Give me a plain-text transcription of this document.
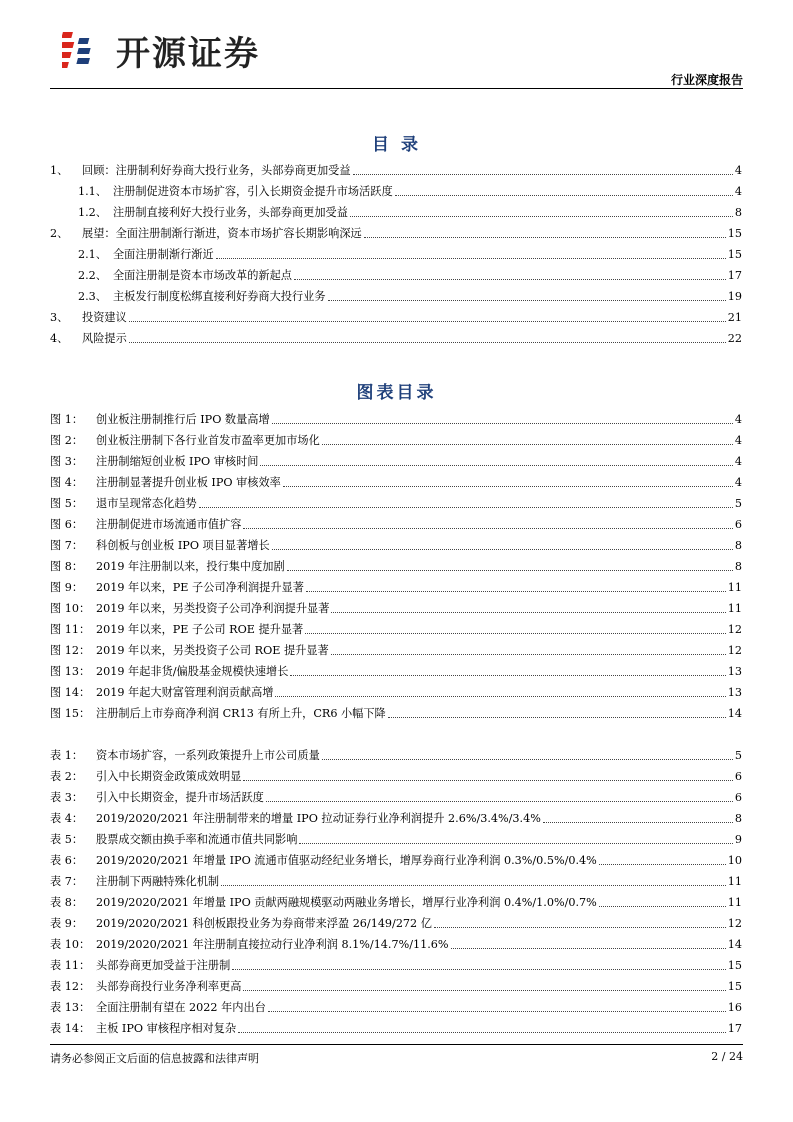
开源证券
行业深度报告
目 录
1、 回顾：注册制利好券商大投行业务，头部券商更加受益	4
1.1、 注册制促进资本市场扩容，引入长期资金提升市场活跃度	4
1.2、 注册制直接利好大投行业务，头部券商更加受益	8
2、 展望：全面注册制渐行渐进，资本市场扩容长期影响深远	15
2.1、 全面注册制渐行渐近	15
2.2、 全面注册制是资本市场改革的新起点	17
2.3、 主板发行制度松绑直接利好券商大投行业务	19
3、 投资建议	21
4、 风险提示	22
图表目录
图 1：	创业板注册制推行后 IPO 数量高增	4
图 2：	创业板注册制下各行业首发市盈率更加市场化	4
图 3：	注册制缩短创业板 IPO 审核时间	4
图 4：	注册制显著提升创业板 IPO 审核效率	4
图 5：	退市呈现常态化趋势	5
图 6：	注册制促进市场流通市值扩容	6
图 7：	科创板与创业板 IPO 项目显著增长	8
图 8：	2019 年注册制以来，投行集中度加剧	8
图 9：	2019 年以来，PE 子公司净利润提升显著	11
图 10： 2019 年以来，另类投资子公司净利润提升显著	11
图 11： 2019 年以来，PE 子公司 ROE 提升显著	12
图 12： 2019 年以来，另类投资子公司 ROE 提升显著	12
图 13： 2019 年起非货/偏股基金规模快速增长	13
图 14： 2019 年起大财富管理利润贡献高增	13
图 15： 注册制后上市券商净利润 CR13 有所上升，CR6 小幅下降	14
表 1：	资本市场扩容，一系列政策提升上市公司质量	5
表 2：	引入中长期资金政策成效明显	6
表 3：	引入中长期资金，提升市场活跃度	6
表 4：	2019/2020/2021 年注册制带来的增量 IPO 拉动证券行业净利润提升 2.6%/3.4%/3.4%	8
表 5：	股票成交额由换手率和流通市值共同影响	9
表 6：	2019/2020/2021 年增量 IPO 流通市值驱动经纪业务增长，增厚券商行业净利润 0.3%/0.5%/0.4%	10
表 7：	注册制下两融特殊化机制	11
表 8：	2019/2020/2021 年增量 IPO 贡献两融规模驱动两融业务增长，增厚行业净利润 0.4%/1.0%/0.7%	11
表 9：	2019/2020/2021 科创板跟投业务为券商带来浮盈 26/149/272 亿	12
表 10： 2019/2020/2021 年注册制直接拉动行业净利润 8.1%/14.7%/11.6%	14
表 11： 头部券商更加受益于注册制	15
表 12： 头部券商投行业务净利率更高	15
表 13： 全面注册制有望在 2022 年内出台	16
表 14： 主板 IPO 审核程序相对复杂	17
请务必参阅正文后面的信息披露和法律声明	2 / 24
